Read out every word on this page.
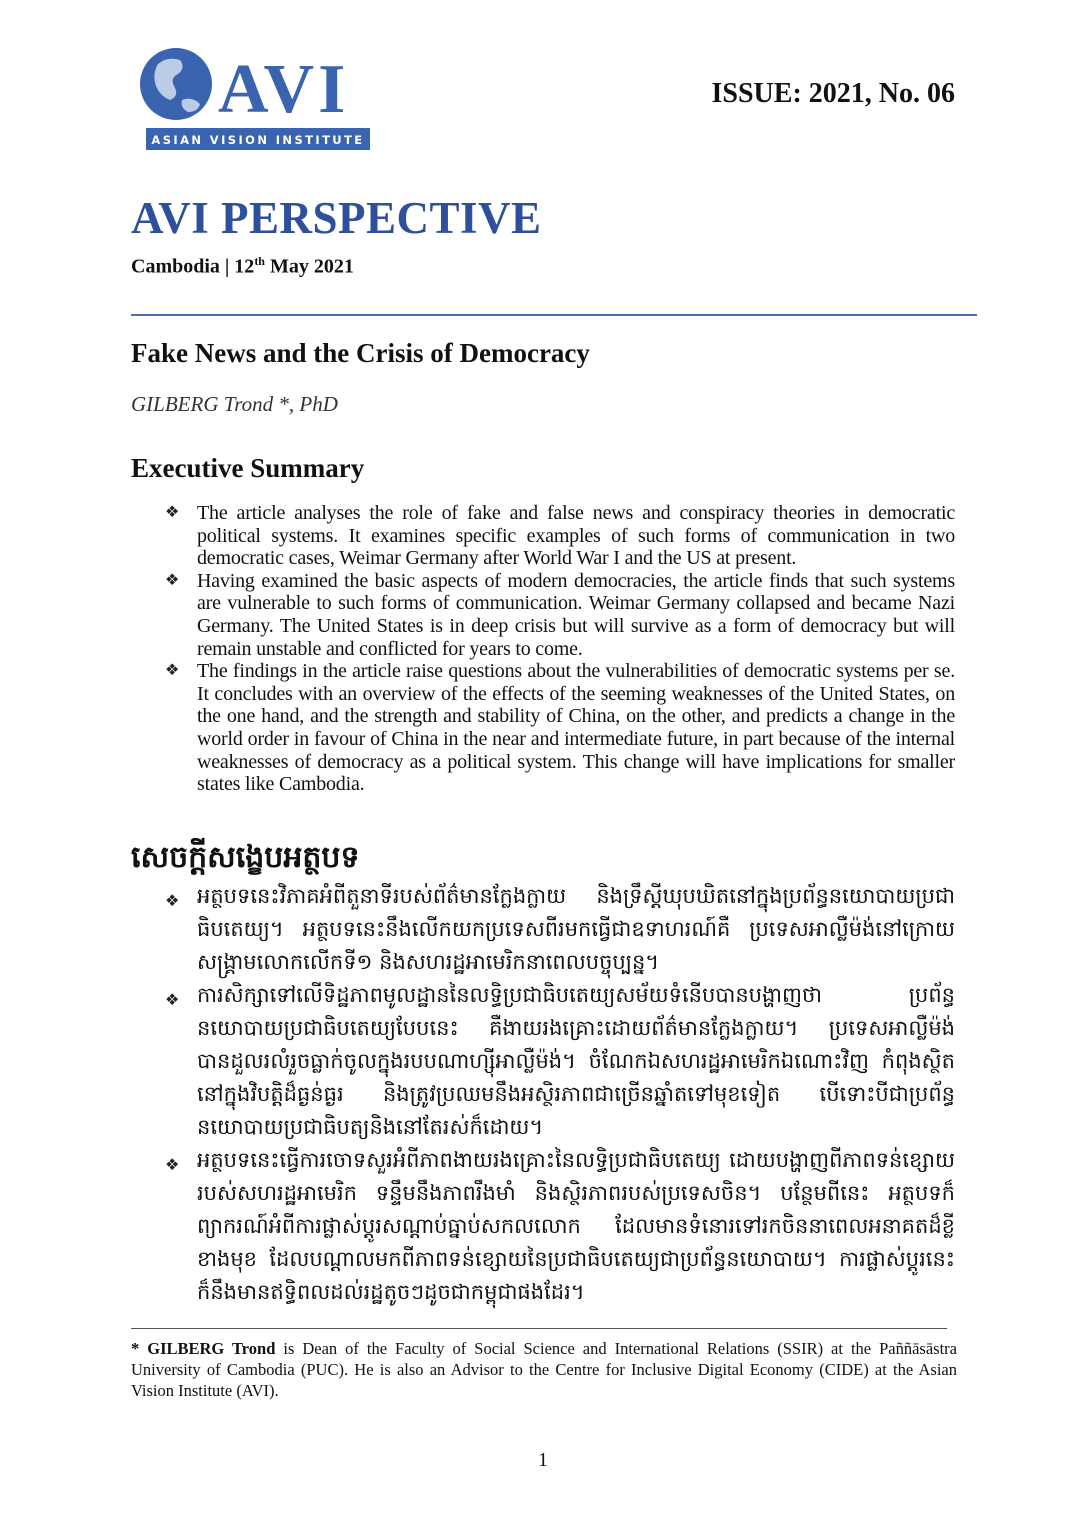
AVI
ASIAN VISION INSTITUTE
ISSUE: 2021, No. 06
AVI PERSPECTIVE
Cambodia | 12th May 2021
Fake News and the Crisis of Democracy
GILBERG Trond *, PhD
Executive Summary
❖ The article analyses the role of fake and false news and conspiracy theories in democratic political systems. It examines specific examples of such forms of communication in two democratic cases, Weimar Germany after World War I and the US at present.
❖ Having examined the basic aspects of modern democracies, the article finds that such systems are vulnerable to such forms of communication. Weimar Germany collapsed and became Nazi Germany. The United States is in deep crisis but will survive as a form of democracy but will remain unstable and conflicted for years to come.
❖ The findings in the article raise questions about the vulnerabilities of democratic systems per se. It concludes with an overview of the effects of the seeming weaknesses of the United States, on the one hand, and the strength and stability of China, on the other, and predicts a change in the world order in favour of China in the near and intermediate future, in part because of the internal weaknesses of democracy as a political system. This change will have implications for smaller states like Cambodia.
សេចក្តីសង្ខេបអត្ថបទ
❖ អត្ថបទនេះវិភាគអំពីតួនាទីរបស់ព័ត៌មានក្លែងក្លាយ និងទ្រឹស្តីឃុបឃិតនៅក្នុងប្រព័ន្ធនយោបាយប្រជាធិបតេយ្យ។ អត្ថបទនេះនឹងលើកយកប្រទេសពីរមកធ្វើជាឧទាហរណ៍គឺ ប្រទេសអាល្លឺម៉ង់នៅក្រោយសង្គ្រាមលោកលើកទី១ និងសហរដ្ឋអាមេរិកនាពេលបច្ចុប្បន្ន។
❖ ការសិក្សាទៅលើទិដ្ឋភាពមូលដ្ឋាននៃលទ្ធិប្រជាធិបតេយ្យសម័យទំនើបបានបង្ហាញថា ប្រព័ន្ធនយោបាយប្រជាធិបតេយ្យបែបនេះ គឺងាយរងគ្រោះដោយព័ត៌មានក្លែងក្លាយ។ ប្រទេសអាល្លឺម៉ង់បានដួលរលំរួចធ្លាក់ចូលក្នុងរបបណាហ្ស៊ីអាល្លឺម៉ង់។ ចំណែកឯសហរដ្ឋអាមេរិកឯណោះវិញ កំពុងស្ថិតនៅក្នុងវិបត្តិដ៏ធ្ងន់ធ្ងរ និងត្រូវប្រឈមនឹងអស្ថិរភាពជាច្រើនឆ្នាំតទៅមុខទៀត បើទោះបីជាប្រព័ន្ធនយោបាយប្រជាធិបត្យនិងនៅតែរស់ក៏ដោយ។
❖ អត្ថបទនេះធ្វើការចោទសួរអំពីភាពងាយរងគ្រោះនៃលទ្ធិប្រជាធិបតេយ្យ ដោយបង្ហាញពីភាពទន់ខ្សោយរបស់សហរដ្ឋអាមេរិក ទន្ទឹមនឹងភាពរឹងមាំ និងស្ថិរភាពរបស់ប្រទេសចិន។ បន្ថែមពីនេះ អត្ថបទក៏ព្យាករណ៍អំពីការផ្លាស់ប្តូរសណ្តាប់ធ្នាប់សកលលោក ដែលមានទំនោរទៅរកចិននាពេលអនាគតដ៏ខ្លីខាងមុខ ដែលបណ្តាលមកពីភាពទន់ខ្សោយនៃប្រជាធិបតេយ្យជាប្រព័ន្ធនយោបាយ។ ការផ្លាស់ប្តូរនេះក៏នឹងមានឥទ្ធិពលដល់រដ្ឋតូចៗដូចជាកម្ពុជាផងដែរ។
* GILBERG Trond is Dean of the Faculty of Social Science and International Relations (SSIR) at the Paññāsāstra University of Cambodia (PUC). He is also an Advisor to the Centre for Inclusive Digital Economy (CIDE) at the Asian Vision Institute (AVI).
1
